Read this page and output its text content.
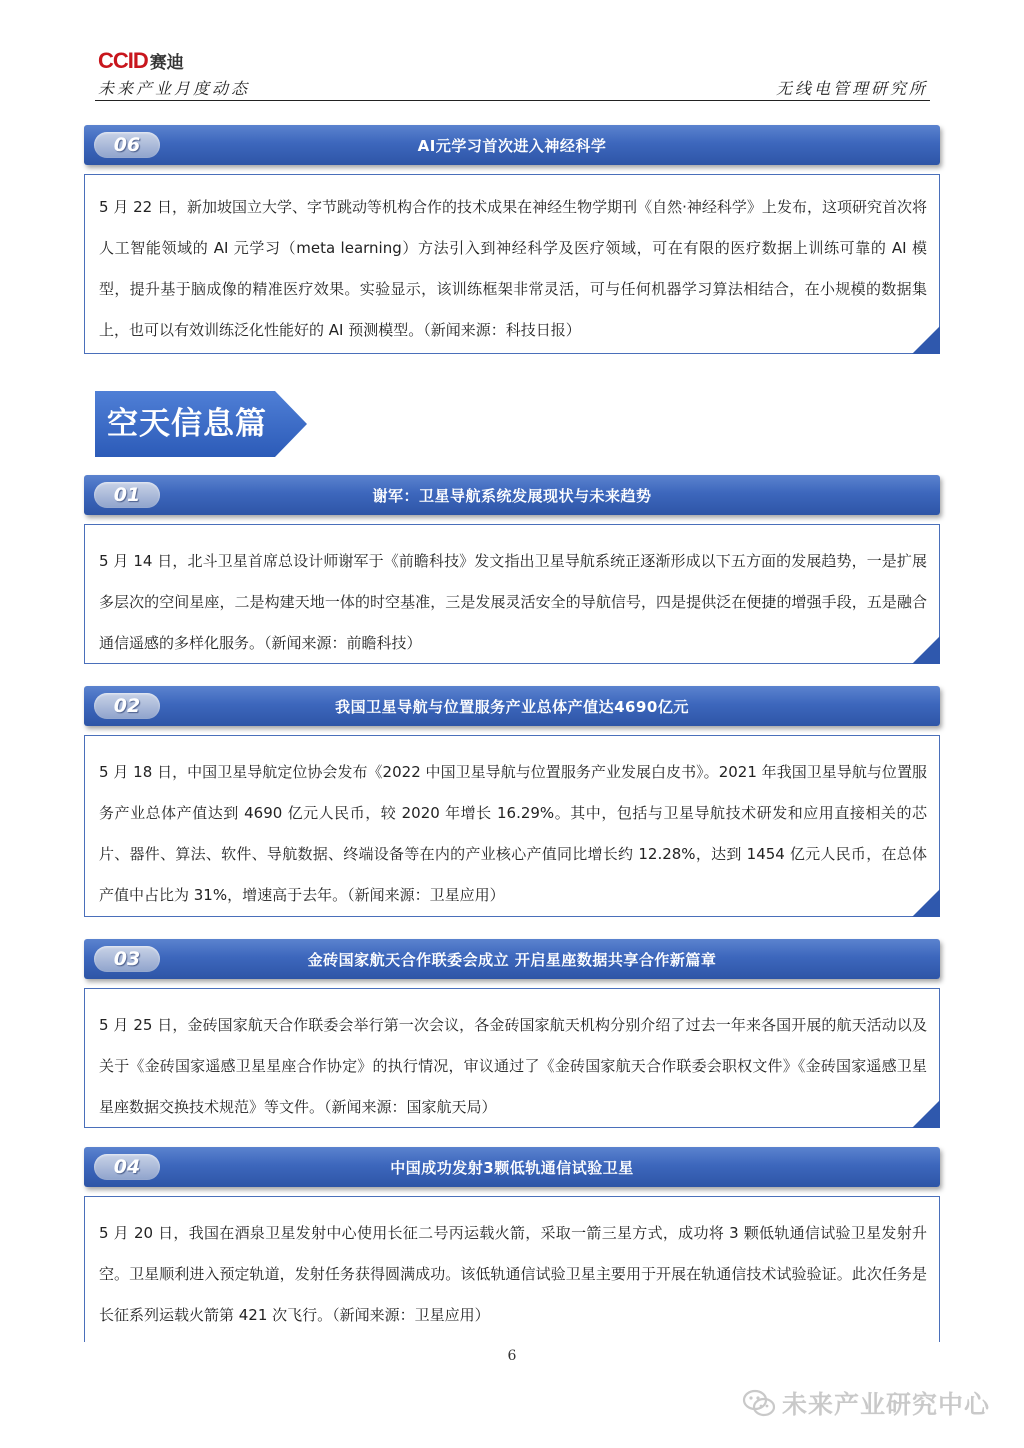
CCID 赛迪
未来产业月度动态	无线电管理研究所
06	AI元学习首次进入神经科学
5 月 22 日，新加坡国立大学、字节跳动等机构合作的技术成果在神经生物学期刊《自然·神经科学》上发布，这项研究首次将人工智能领域的 AI 元学习（meta learning）方法引入到神经科学及医疗领域，可在有限的医疗数据上训练可靠的 AI 模型，提升基于脑成像的精准医疗效果。实验显示，该训练框架非常灵活，可与任何机器学习算法相结合，在小规模的数据集上，也可以有效训练泛化性能好的 AI 预测模型。（新闻来源：科技日报）
空天信息篇
01	谢军：卫星导航系统发展现状与未来趋势
5 月 14 日，北斗卫星首席总设计师谢军于《前瞻科技》发文指出卫星导航系统正逐渐形成以下五方面的发展趋势，一是扩展多层次的空间星座，二是构建天地一体的时空基准，三是发展灵活安全的导航信号，四是提供泛在便捷的增强手段，五是融合通信遥感的多样化服务。（新闻来源：前瞻科技）
02	我国卫星导航与位置服务产业总体产值达4690亿元
5 月 18 日，中国卫星导航定位协会发布《2022 中国卫星导航与位置服务产业发展白皮书》。2021 年我国卫星导航与位置服务产业总体产值达到 4690 亿元人民币，较 2020 年增长 16.29%。其中，包括与卫星导航技术研发和应用直接相关的芯片、器件、算法、软件、导航数据、终端设备等在内的产业核心产值同比增长约 12.28%，达到 1454 亿元人民币，在总体产值中占比为 31%，增速高于去年。（新闻来源：卫星应用）
03	金砖国家航天合作联委会成立 开启星座数据共享合作新篇章
5 月 25 日，金砖国家航天合作联委会举行第一次会议，各金砖国家航天机构分别介绍了过去一年来各国开展的航天活动以及关于《金砖国家遥感卫星星座合作协定》的执行情况，审议通过了《金砖国家航天合作联委会职权文件》《金砖国家遥感卫星星座数据交换技术规范》等文件。（新闻来源：国家航天局）
04	中国成功发射3颗低轨通信试验卫星
5 月 20 日，我国在酒泉卫星发射中心使用长征二号丙运载火箭，采取一箭三星方式，成功将 3 颗低轨通信试验卫星发射升空。卫星顺利进入预定轨道，发射任务获得圆满成功。该低轨通信试验卫星主要用于开展在轨通信技术试验验证。此次任务是长征系列运载火箭第 421 次飞行。（新闻来源：卫星应用）
6
未来产业研究中心
